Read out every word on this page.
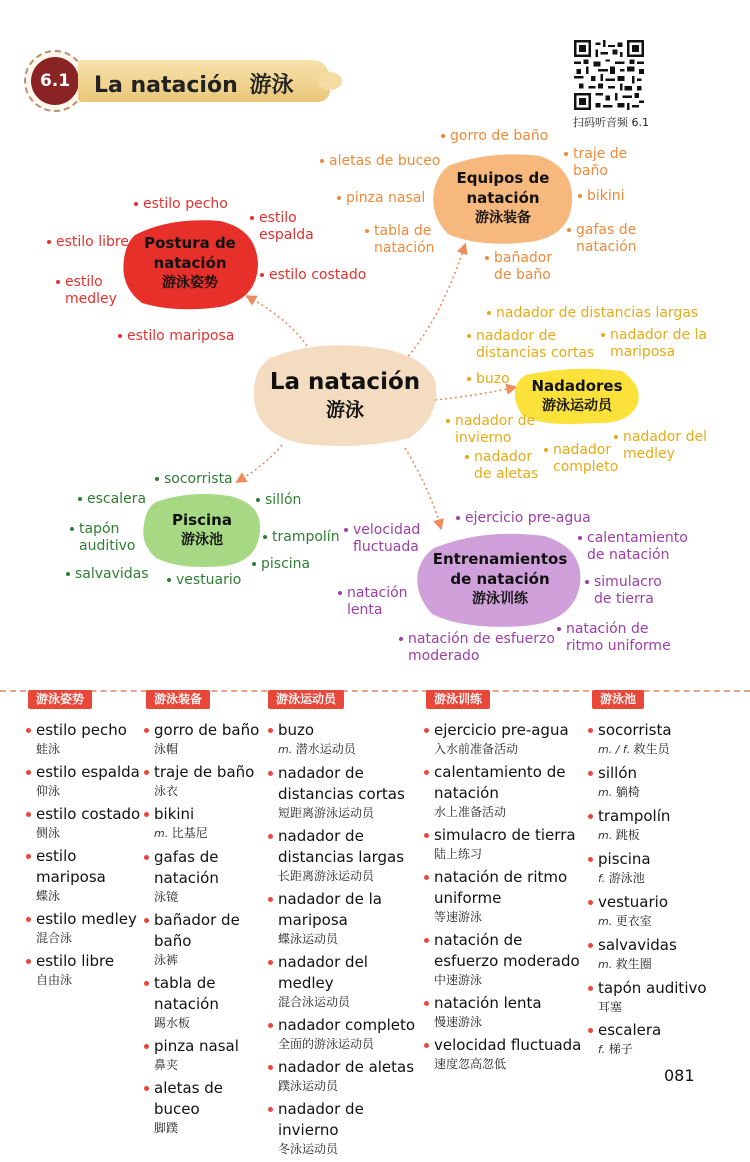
6.1	La natación 游泳
扫码听音频 6.1
La natación
游泳
Postura de natación
游泳姿势
Equipos de natación
游泳装备
Nadadores
游泳运动员
Piscina
游泳池
Entrenamientos de natación
游泳训练
estilo pecho
estilo espalda
estilo libre
estilo costado
estilo medley
estilo mariposa
gorro de baño
aletas de buceo	traje de baño
pinza nasal	bikini
tabla de natación
gafas de natación
bañador de baño
nadador de distancias largas
nadador de distancias cortas
nadador de la mariposa
buzo
nadador de invierno	nadador del medley
nadador de aletas
nadador completo
socorrista
escalera	sillón
tapón auditivo
trampolín
piscina
salvavidas vestuario
ejercicio pre-agua
velocidad fluctuada
calentamiento de natación
simulacro de tierra
natación lenta
natación de ritmo uniforme
natación de esfuerzo moderado
游泳姿势	游泳装备	游泳运动员	游泳训练	游泳池
estilo pecho
蛙泳
estilo espalda
仰泳
estilo costado
侧泳
estilo mariposa
蝶泳
estilo medley
混合泳
estilo libre
自由泳
gorro de baño
泳帽
traje de baño
泳衣
bikini
m. 比基尼
gafas de natación
泳镜
bañador de baño
泳裤
tabla de natación
踢水板
pinza nasal
鼻夹
aletas de buceo
脚蹼
buzo
m. 潜水运动员
nadador de distancias cortas
短距离游泳运动员
nadador de distancias largas
长距离游泳运动员
nadador de la mariposa
蝶泳运动员
nadador del medley
混合泳运动员
nadador completo
全面的游泳运动员
nadador de aletas
蹼泳运动员
nadador de invierno
冬泳运动员
ejercicio pre-agua
入水前准备活动
calentamiento de natación
水上准备活动
simulacro de tierra
陆上练习
natación de ritmo uniforme
等速游泳
natación de esfuerzo moderado
中速游泳
natación lenta
慢速游泳
velocidad fluctuada
速度忽高忽低
socorrista
m. / f. 救生员
sillón
m. 躺椅
trampolín
m. 跳板
piscina
f. 游泳池
vestuario
m. 更衣室
salvavidas
m. 救生圈
tapón auditivo
耳塞
escalera
f. 梯子
081
